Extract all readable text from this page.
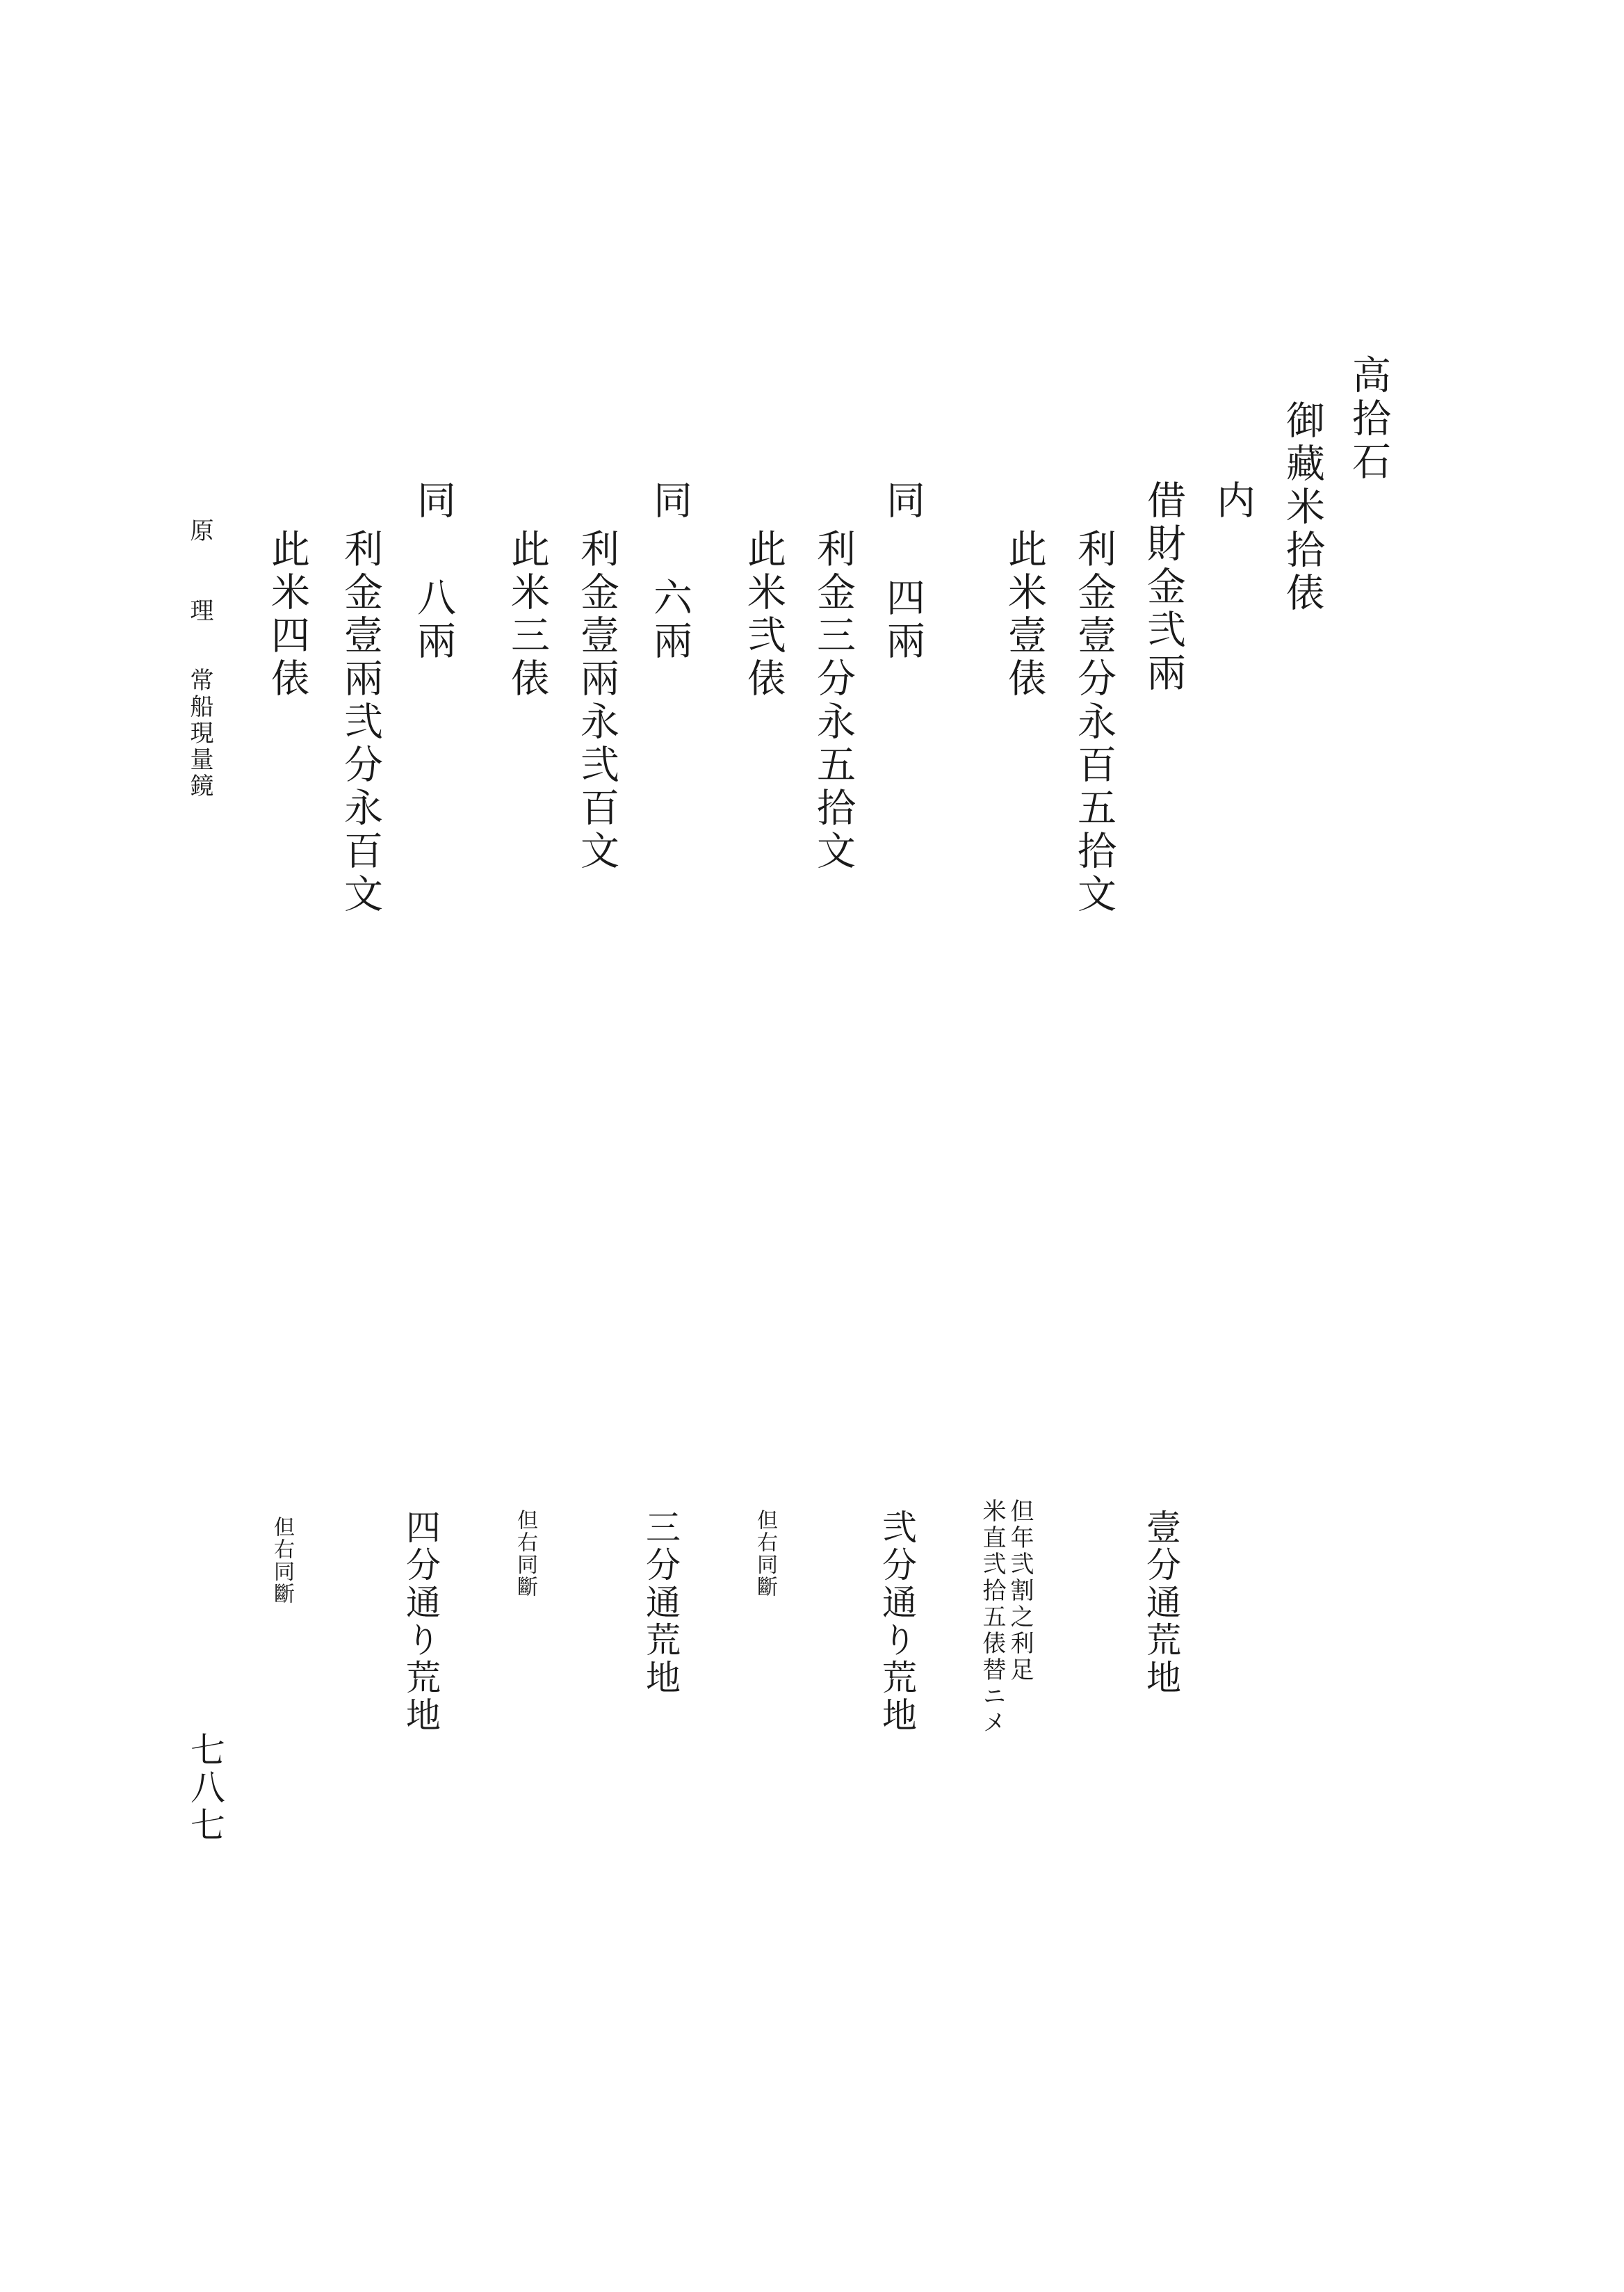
高拾石
御藏米拾俵
内
借財金弐兩
利金壹分永百五拾文
此米壹俵
同
四兩
利金三分永五拾文
此米弐俵
同
六兩
利金壹兩永弐百文
此米三俵
同
八兩
利金壹兩弐分永百文
此米四俵
原
理
常船現量鏡
壹分通荒地
但年弐割之利足
米直弐拾五俵替ニメ
弐分通り荒地
但右同斷
三分通荒地
但右同斷
四分通り荒地
但右同斷
七八七
